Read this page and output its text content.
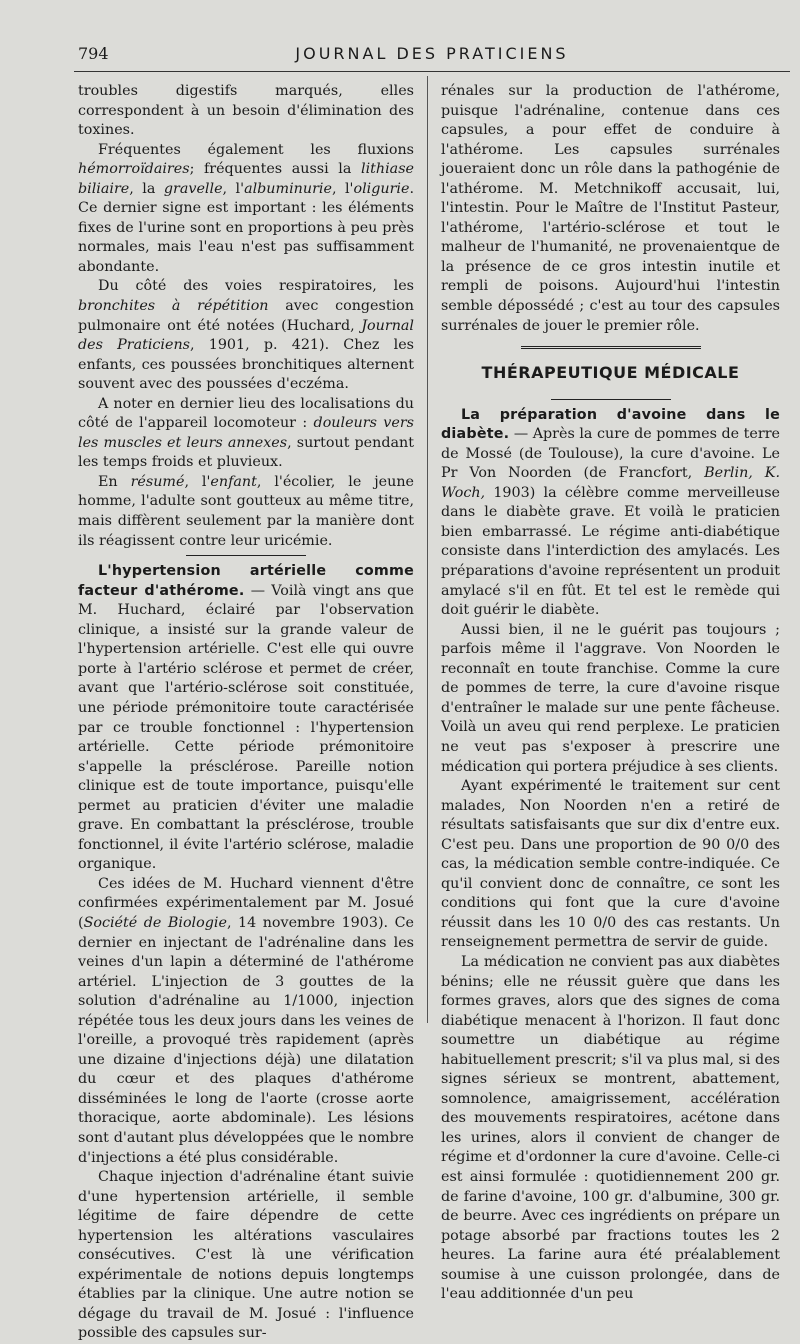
794	JOURNAL DES PRATICIENS

troubles digestifs marqués, elles correspondent à un besoin d'élimination des toxines.

Fréquentes également les fluxions hémorroïdaires; fréquentes aussi la lithiase biliaire, la gravelle, l'albuminurie, l'oligurie. Ce dernier signe est important : les éléments fixes de l'urine sont en proportions à peu près normales, mais l'eau n'est pas suffisamment abondante.

Du côté des voies respiratoires, les bronchites à répétition avec congestion pulmonaire ont été notées (Huchard, Journal des Praticiens, 1901, p. 421). Chez les enfants, ces poussées bronchitiques alternent souvent avec des poussées d'eczéma.

A noter en dernier lieu des localisations du côté de l'appareil locomoteur : douleurs vers les muscles et leurs annexes, surtout pendant les temps froids et pluvieux.

En résumé, l'enfant, l'écolier, le jeune homme, l'adulte sont goutteux au même titre, mais diffèrent seulement par la manière dont ils réagissent contre leur uricémie.

L'hypertension artérielle comme facteur d'athérome. — Voilà vingt ans que M. Huchard, éclairé par l'observation clinique, a insisté sur la grande valeur de l'hypertension artérielle. C'est elle qui ouvre porte à l'artério sclérose et permet de créer, avant que l'artério-sclérose soit constituée, une période prémonitoire toute caractérisée par ce trouble fonctionnel : l'hypertension artérielle. Cette période prémonitoire s'appelle la présclérose. Pareille notion clinique est de toute importance, puisqu'elle permet au praticien d'éviter une maladie grave. En combattant la présclérose, trouble fonctionnel, il évite l'artério sclérose, maladie organique.

Ces idées de M. Huchard viennent d'être confirmées expérimentalement par M. Josué (Société de Biologie, 14 novembre 1903). Ce dernier en injectant de l'adrénaline dans les veines d'un lapin a déterminé de l'athérome artériel. L'injection de 3 gouttes de la solution d'adrénaline au 1/1000, injection répétée tous les deux jours dans les veines de l'oreille, a provoqué très rapidement (après une dizaine d'injections déjà) une dilatation du cœur et des plaques d'athérome disséminées le long de l'aorte (crosse aorte thoracique, aorte abdominale). Les lésions sont d'autant plus développées que le nombre d'injections a été plus considérable.

Chaque injection d'adrénaline étant suivie d'une hypertension artérielle, il semble légitime de faire dépendre de cette hypertension les altérations vasculaires consécutives. C'est là une vérification expérimentale de notions depuis longtemps établies par la clinique. Une autre notion se dégage du travail de M. Josué : l'influence possible des capsules sur-

rénales sur la production de l'athérome, puisque l'adrénaline, contenue dans ces capsules, a pour effet de conduire à l'athérome. Les capsules surrénales joueraient donc un rôle dans la pathogénie de l'athérome. M. Metchnikoff accusait, lui, l'intestin. Pour le Maître de l'Institut Pasteur, l'athérome, l'artério-sclérose et tout le malheur de l'humanité, ne provenaientque de la présence de ce gros intestin inutile et rempli de poisons. Aujourd'hui l'intestin semble dépossédé ; c'est au tour des capsules surrénales de jouer le premier rôle.

THÉRAPEUTIQUE MÉDICALE

La préparation d'avoine dans le diabète. — Après la cure de pommes de terre de Mossé (de Toulouse), la cure d'avoine. Le Pr Von Noorden (de Francfort, Berlin, K. Woch, 1903) la célèbre comme merveilleuse dans le diabète grave. Et voilà le praticien bien embarrassé. Le régime anti-diabétique consiste dans l'interdiction des amylacés. Les préparations d'avoine représentent un produit amylacé s'il en fût. Et tel est le remède qui doit guérir le diabète.

Aussi bien, il ne le guérit pas toujours ; parfois même il l'aggrave. Von Noorden le reconnaît en toute franchise. Comme la cure de pommes de terre, la cure d'avoine risque d'entraîner le malade sur une pente fâcheuse. Voilà un aveu qui rend perplexe. Le praticien ne veut pas s'exposer à prescrire une médication qui portera préjudice à ses clients.

Ayant expérimenté le traitement sur cent malades, Non Noorden n'en a retiré de résultats satisfaisants que sur dix d'entre eux. C'est peu. Dans une proportion de 90 0/0 des cas, la médication semble contre-indiquée. Ce qu'il convient donc de connaître, ce sont les conditions qui font que la cure d'avoine réussit dans les 10 0/0 des cas restants. Un renseignement permettra de servir de guide.

La médication ne convient pas aux diabètes bénins; elle ne réussit guère que dans les formes graves, alors que des signes de coma diabétique menacent à l'horizon. Il faut donc soumettre un diabétique au régime habituellement prescrit; s'il va plus mal, si des signes sérieux se montrent, abattement, somnolence, amaigrissement, accélération des mouvements respiratoires, acétone dans les urines, alors il convient de changer de régime et d'ordonner la cure d'avoine. Celle-ci est ainsi formulée : quotidiennement 200 gr. de farine d'avoine, 100 gr. d'albumine, 300 gr. de beurre. Avec ces ingrédients on prépare un potage absorbé par fractions toutes les 2 heures. La farine aura été préalablement soumise à une cuisson prolongée, dans de l'eau additionnée d'un peu
